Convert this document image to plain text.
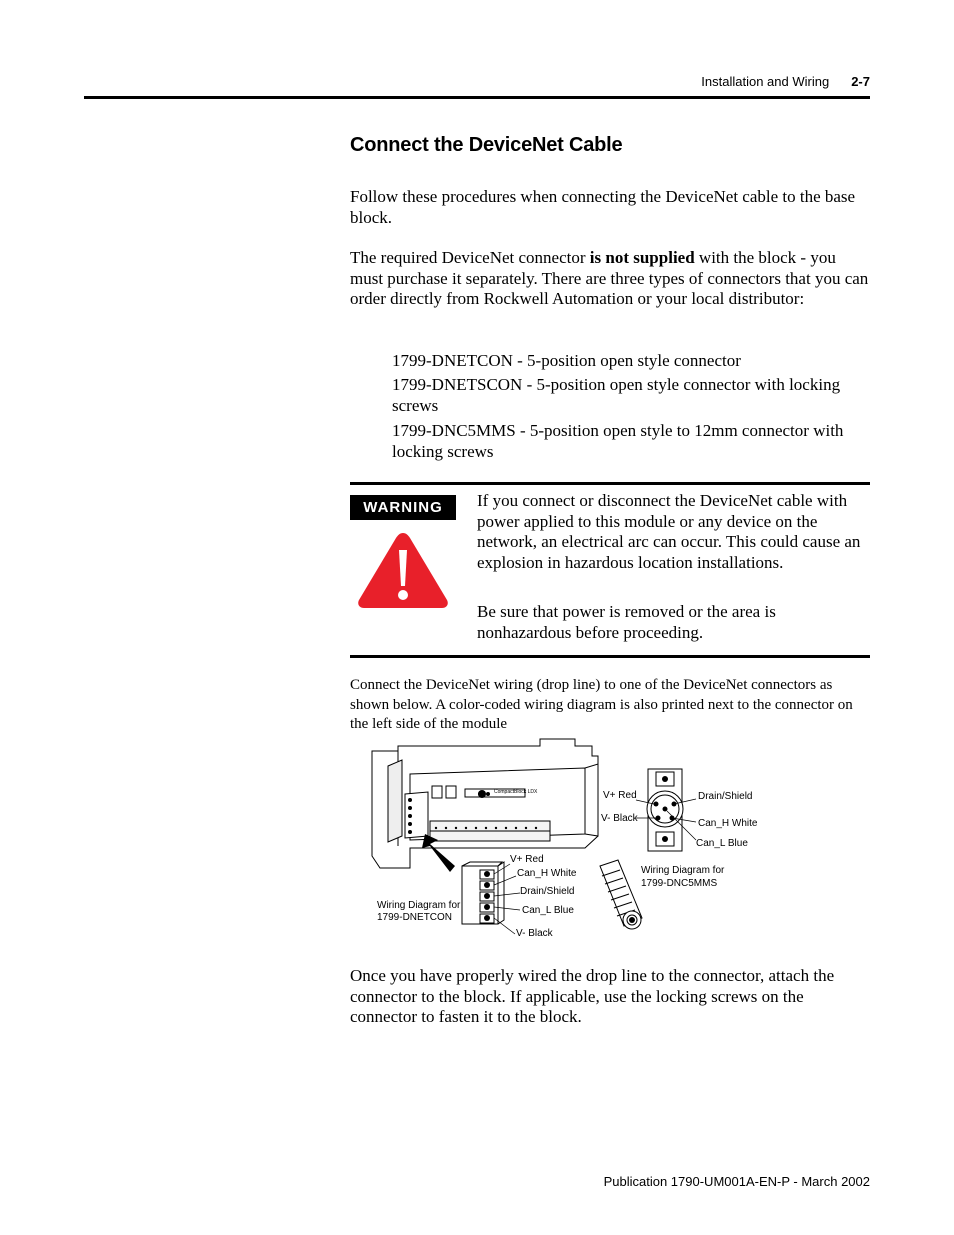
Installation and Wiring 2-7
Connect the DeviceNet Cable
Follow these procedures when connecting the DeviceNet cable to the base block.
The required DeviceNet connector is not supplied with the block - you must purchase it separately. There are three types of connectors that you can order directly from Rockwell Automation or your local distributor:
1799-DNETCON - 5-position open style connector
1799-DNETSCON - 5-position open style connector with locking screws
1799-DNC5MMS - 5-position open style to 12mm connector with locking screws
WARNING	If you connect or disconnect the DeviceNet cable with power applied to this module or any device on the network, an electrical arc can occur. This could cause an explosion in hazardous location installations.
Be sure that power is removed or the area is nonhazardous before proceeding.
Connect the DeviceNet wiring (drop line) to one of the DeviceNet connectors as shown below. A color-coded wiring diagram is also printed next to the connector on the left side of the module
CompactBlock LDX
V+ Red
Can_H White
Drain/Shield
Can_L Blue
V- Black
Wiring Diagram for
1799-DNETCON
V+ Red
V- Black
Drain/Shield
Can_H White
Can_L Blue
Wiring Diagram for
1799-DNC5MMS
Once you have properly wired the drop line to the connector, attach the connector to the block. If applicable, use the locking screws on the connector to fasten it to the block.
Publication 1790-UM001A-EN-P - March 2002
